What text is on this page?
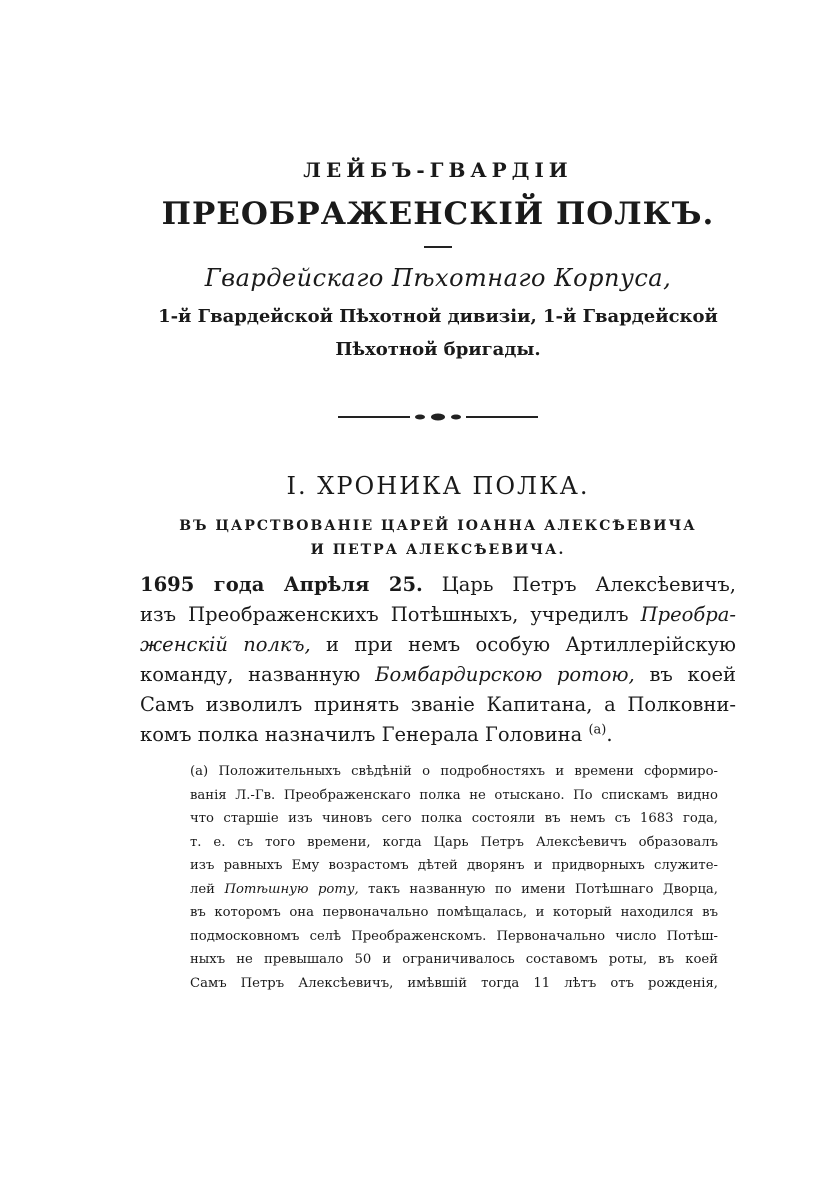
ЛЕЙБЪ-ГВАРДІИ
ПРЕОБРАЖЕНСКІЙ ПОЛКЪ.
Гвардейскаго Пѣхотнаго Корпуса,
1-й Гвардейской Пѣхотной дивизіи, 1-й Гвардейской
Пѣхотной бригады.
I. ХРОНИКА ПОЛКА.
ВЪ ЦАРСТВОВАНІЕ ЦАРЕЙ ІОАННА АЛЕКСѢЕВИЧА
И ПЕТРА АЛЕКСѢЕВИЧА.
1695 года Апрѣля 25. Царь Петръ Алексѣевичъ,
изъ Преображенскихъ Потѣшныхъ, учредилъ Преобра-
женскій полкъ, и при немъ особую Артиллерійскую
команду, названную Бомбардирскою ротою, въ коей
Самъ изволилъ принять званіе Капитана, а Полковни-
комъ полка назначилъ Генерала Головина $^{(а)}$.
(а) Положительныхъ свѣдѣній о подробностяхъ и времени сформиро-
ванія Л.-Гв. Преображенскаго полка не отыскано. По спискамъ видно
что старшіе изъ чиновъ сего полка состояли въ немъ съ 1683 года,
т. е. съ того времени, когда Царь Петръ Алексѣевичъ образовалъ
изъ равныхъ Ему возрастомъ дѣтей дворянъ и придворныхъ служите-
лей Потѣшную роту, такъ названную по имени Потѣшнаго Дворца,
въ которомъ она первоначально помѣщалась, и который находился въ
подмосковномъ селѣ Преображенскомъ. Первоначально число Потѣш-
ныхъ не превышало 50 и ограничивалось составомъ роты, въ коей
Самъ Петръ Алексѣевичъ, имѣвшій тогда 11 лѣтъ отъ рожденія,
